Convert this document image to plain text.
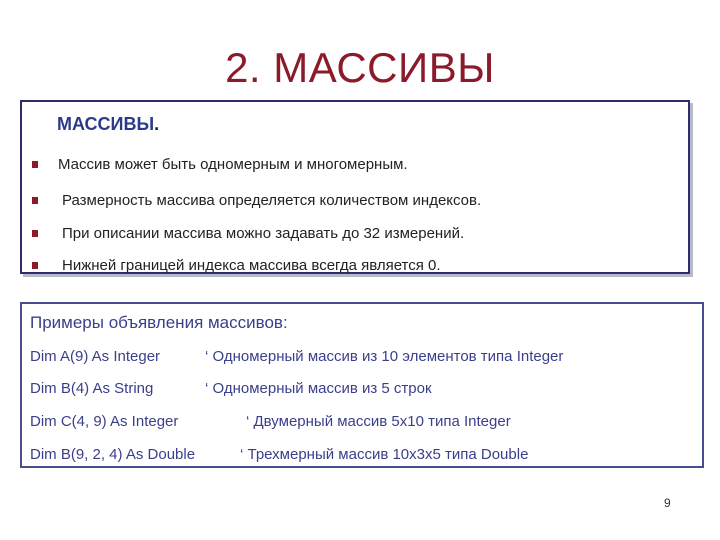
2. МАССИВЫ
МАССИВЫ.
Массив может быть одномерным и многомерным.
Размерность массива определяется количеством индексов.
При описании массива можно задавать до 32 измерений.
Нижней границей индекса массива всегда является 0.
Примеры объявления массивов:
Dim A(9) As Integer	‘ Одномерный массив из 10 элементов типа Integer
Dim B(4) As String	‘ Одномерный массив из 5 строк
Dim C(4, 9) As Integer	‘ Двумерный массив 5х10 типа Integer
Dim B(9, 2, 4) As Double	‘ Трехмерный массив 10х3х5 типа Double
9
